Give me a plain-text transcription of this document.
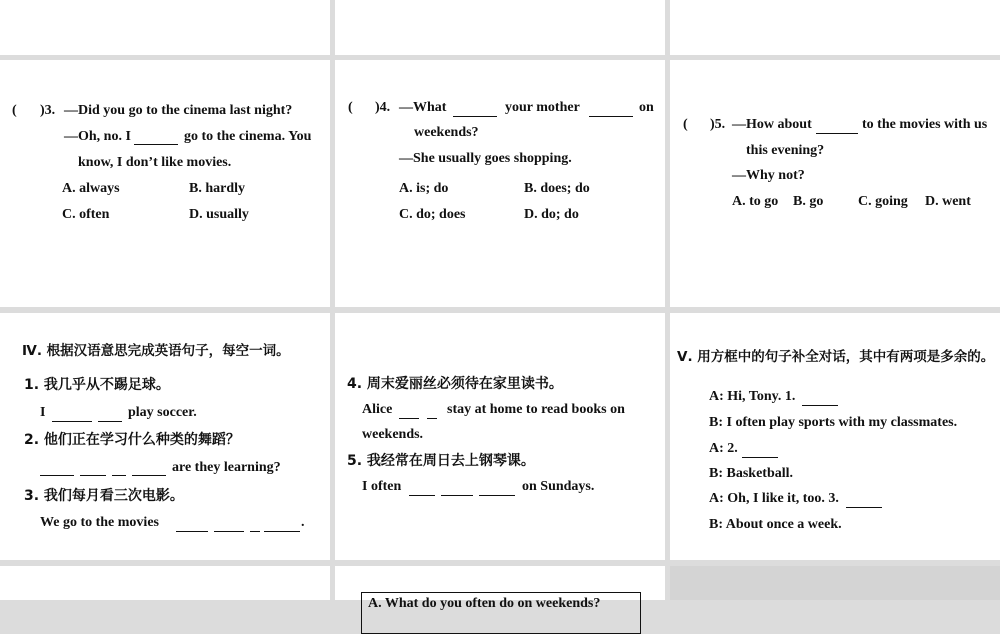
( )3. —Did you go to the cinema last night?
—Oh, no. I	go to the cinema. You
know, I don’t like movies.
A. always	B. hardly
C. often	D. usually
( )4. —What	your mother	on
weekends?
—She usually goes shopping.
A. is; do	B. does; do
C. do; does	D. do; do
( )5. —How about	to the movies with us
this evening?
—Why not?
A. to go B. go C. going D. went
Ⅳ. 根据汉语意思完成英语句子，每空一词。
1. 我几乎从不踢足球。
I	play soccer.
2. 他们正在学习什么种类的舞蹈？
are they learning?
3. 我们每月看三次电影。
We go to the movies	.
4. 周末爱丽丝必须待在家里读书。
Alice	stay at home to read books on
weekends.
5. 我经常在周日去上钢琴课。
I often	on Sundays.
Ⅴ. 用方框中的句子补全对话，其中有两项是多余的。
A: Hi, Tony. 1.
B: I often play sports with my classmates.
A: 2.
B: Basketball.
A: Oh, I like it, too. 3.
B: About once a week.
A. What do you often do on weekends?
